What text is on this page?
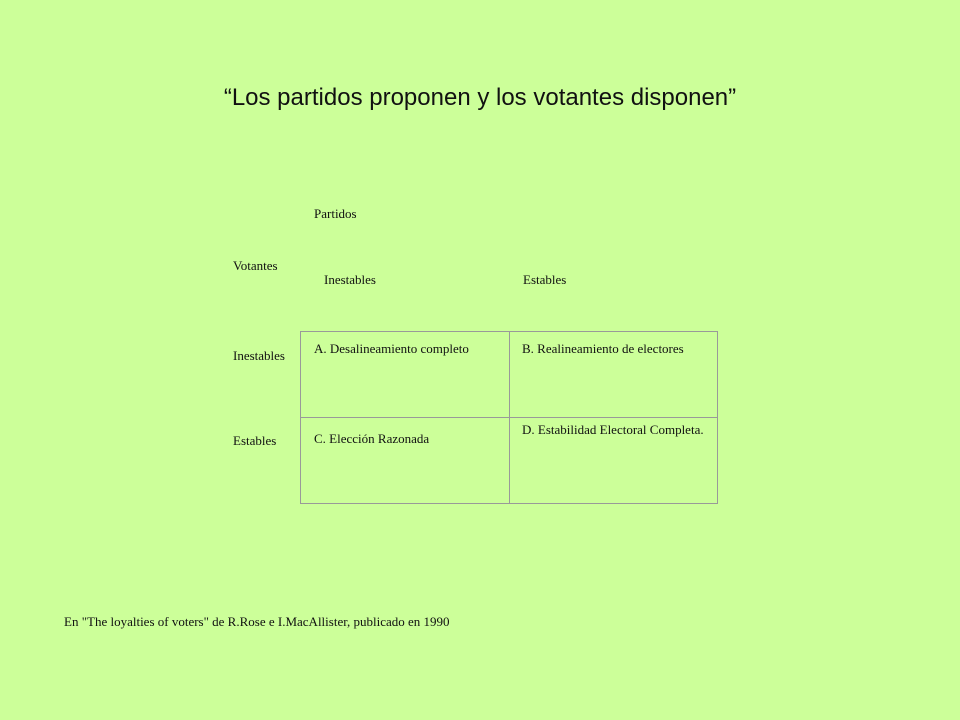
“Los partidos proponen y los votantes disponen”
Partidos
Votantes
Inestables	Estables
Inestables
Estables
A. Desalineamiento completo	B. Realineamiento de electores
C. Elección Razonada
D. Estabilidad Electoral Completa.
En "The loyalties of voters" de R.Rose e I.MacAllister, publicado en 1990
